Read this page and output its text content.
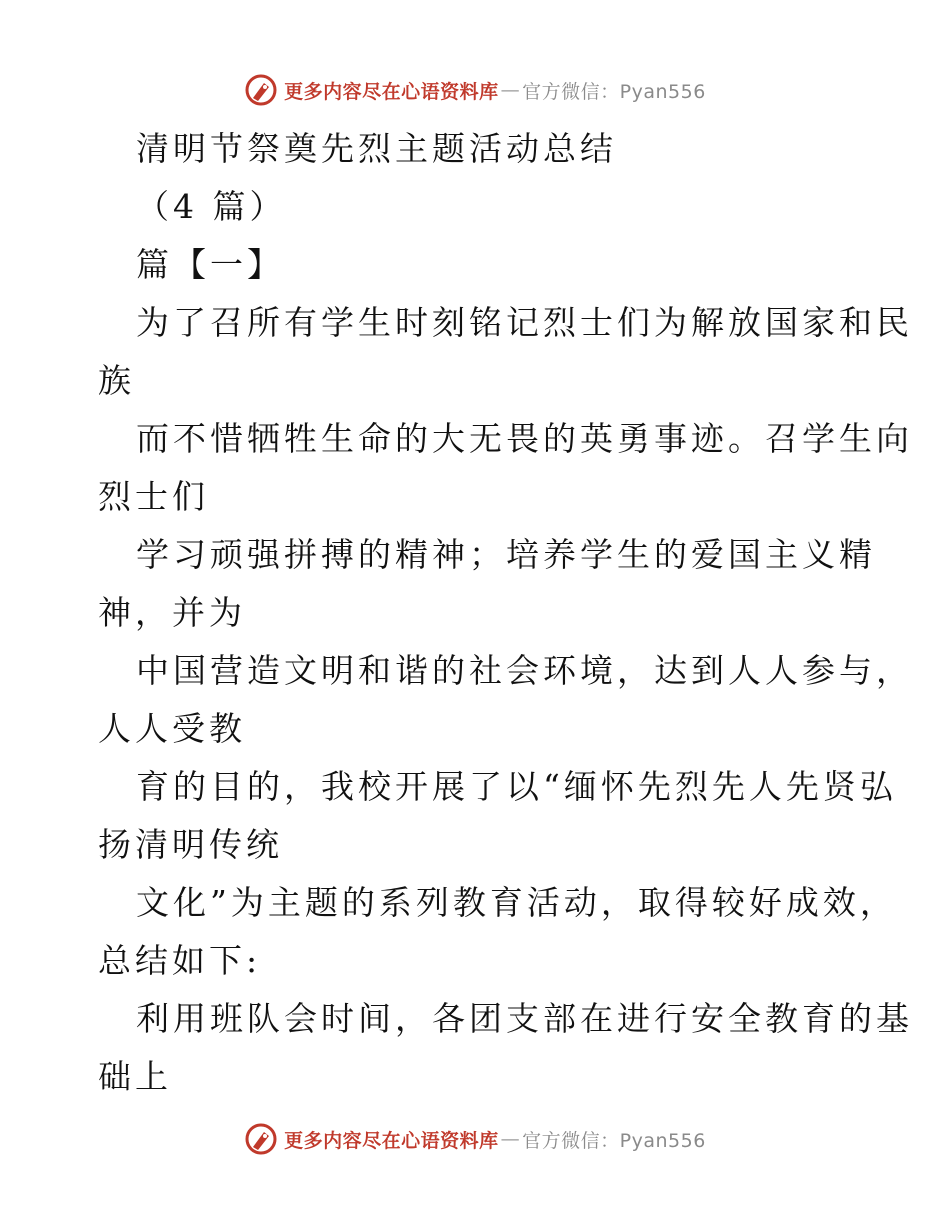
更多内容尽在心语资料库 — 官方微信：Pyan556
清明节祭奠先烈主题活动总结
（4 篇）
篇【一】
为了召所有学生时刻铭记烈士们为解放国家和民
族
而不惜牺牲生命的大无畏的英勇事迹。召学生向
烈士们
学习顽强拼搏的精神；培养学生的爱国主义精
神，并为
中国营造文明和谐的社会环境，达到人人参与，
人人受教
育的目的，我校开展了以“缅怀先烈先人先贤弘
扬清明传统
文化”为主题的系列教育活动，取得较好成效，
总结如下:
利用班队会时间，各团支部在进行安全教育的基
础上
更多内容尽在心语资料库 — 官方微信：Pyan556
